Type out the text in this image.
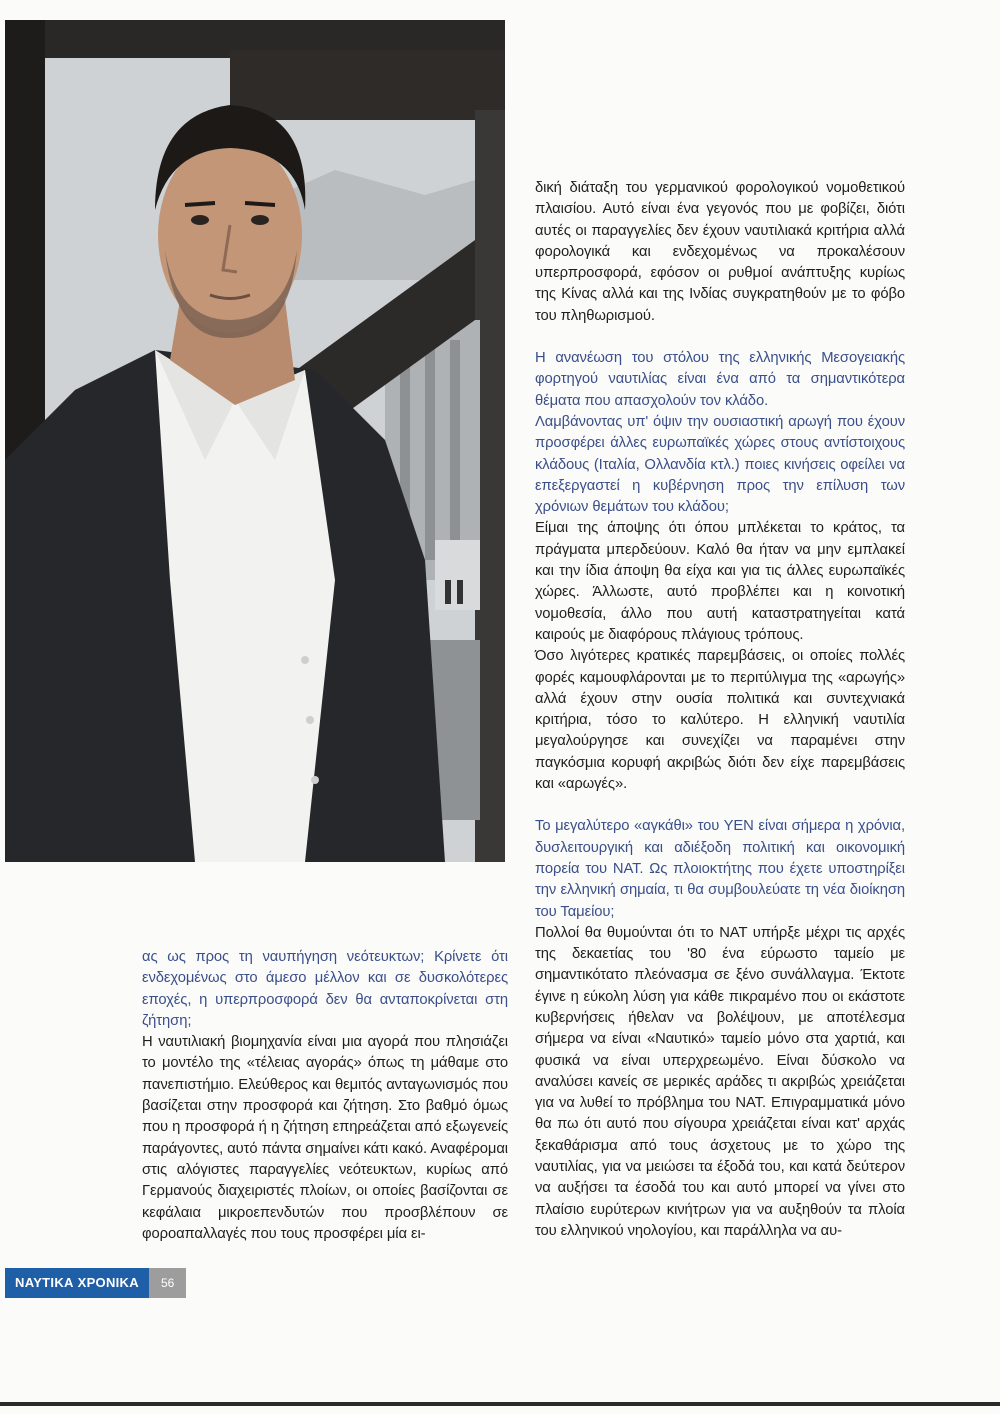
δική διάταξη του γερμανικού φορολογικού νομοθετικού πλαισίου. Αυτό είναι ένα γεγονός που με φοβίζει, διότι αυτές οι παραγγελίες δεν έχουν ναυτιλιακά κριτήρια αλλά φορολογικά και ενδεχομένως να προκαλέσουν υπερπροσφορά, εφόσον οι ρυθμοί ανάπτυξης κυρίως της Κίνας αλλά και της Ινδίας συγκρατηθούν με το φόβο του πληθωρισμού.

Η ανανέωση του στόλου της ελληνικής Μεσογειακής φορτηγού ναυτιλίας είναι ένα από τα σημαντικότερα θέματα που απασχολούν τον κλάδο.

Λαμβάνοντας υπ' όψιν την ουσιαστική αρωγή που έχουν προσφέρει άλλες ευρωπαϊκές χώρες στους αντίστοιχους κλάδους (Ιταλία, Ολλανδία κτλ.) ποιες κινήσεις οφείλει να επεξεργαστεί η κυβέρνηση προς την επίλυση των χρόνιων θεμάτων του κλάδου;

Είμαι της άποψης ότι όπου μπλέκεται το κράτος, τα πράγματα μπερδεύουν. Καλό θα ήταν να μην εμπλακεί και την ίδια άποψη θα είχα και για τις άλλες ευρωπαϊκές χώρες. Άλλωστε, αυτό προβλέπει και η κοινοτική νομοθεσία, άλλο που αυτή καταστρατηγείται κατά καιρούς με διαφόρους πλάγιους τρόπους.

Όσο λιγότερες κρατικές παρεμβάσεις, οι οποίες πολλές φορές καμουφλάρονται με το περιτύλιγμα της «αρωγής» αλλά έχουν στην ουσία πολιτικά και συντεχνιακά κριτήρια, τόσο το καλύτερο. Η ελληνική ναυτιλία μεγαλούργησε και συνεχίζει να παραμένει στην παγκόσμια κορυφή ακριβώς διότι δεν είχε παρεμβάσεις και «αρωγές».

Το μεγαλύτερο «αγκάθι» του ΥΕΝ είναι σήμερα η χρόνια, δυσλειτουργική και αδιέξοδη πολιτική και οικονομική πορεία του ΝΑΤ. Ως πλοιοκτήτης που έχετε υποστηρίξει την ελληνική σημαία, τι θα συμβουλεύατε τη νέα διοίκηση του Ταμείου;

Πολλοί θα θυμούνται ότι το ΝΑΤ υπήρξε μέχρι τις αρχές της δεκαετίας του '80 ένα εύρωστο ταμείο με σημαντικότατο πλεόνασμα σε ξένο συνάλλαγμα. Έκτοτε έγινε η εύκολη λύση για κάθε πικραμένο που οι εκάστοτε κυβερνήσεις ήθελαν να βολέψουν, με αποτέλεσμα σήμερα να είναι «Ναυτικό» ταμείο μόνο στα χαρτιά, και φυσικά να είναι υπερχρεωμένο. Είναι δύσκολο να αναλύσει κανείς σε μερικές αράδες τι ακριβώς χρειάζεται για να λυθεί το πρόβλημα του ΝΑΤ. Επιγραμματικά μόνο θα πω ότι αυτό που σίγουρα χρειάζεται είναι κατ' αρχάς ξεκαθάρισμα από τους άσχετους με το χώρο της ναυτιλίας, για να μειώσει τα έξοδά του, και κατά δεύτερον να αυξήσει τα έσοδά του και αυτό μπορεί να γίνει στο πλαίσιο ευρύτερων κινήτρων για να αυξηθούν τα πλοία του ελληνικού νηολογίου, και παράλληλα να αυ-

ας ως προς τη ναυπήγηση νεότευκτων; Κρίνετε ότι ενδεχομένως στο άμεσο μέλλον και σε δυσκολότερες εποχές, η υπερπροσφορά δεν θα ανταποκρίνεται στη ζήτηση;

Η ναυτιλιακή βιομηχανία είναι μια αγορά που πλησιάζει το μοντέλο της «τέλειας αγοράς» όπως τη μάθαμε στο πανεπιστήμιο. Ελεύθερος και θεμιτός ανταγωνισμός που βασίζεται στην προσφορά και ζήτηση. Στο βαθμό όμως που η προσφορά ή η ζήτηση επηρεάζεται από εξωγενείς παράγοντες, αυτό πάντα σημαίνει κάτι κακό. Αναφέρομαι στις αλόγιστες παραγγελίες νεότευκτων, κυρίως από Γερμανούς διαχειριστές πλοίων, οι οποίες βασίζονται σε κεφάλαια μικροεπενδυτών που προσβλέπουν σε φοροαπαλλαγές που τους προσφέρει μία ει-

ΝΑΥΤΙΚΑ ΧΡΟΝΙΚΑ	56
